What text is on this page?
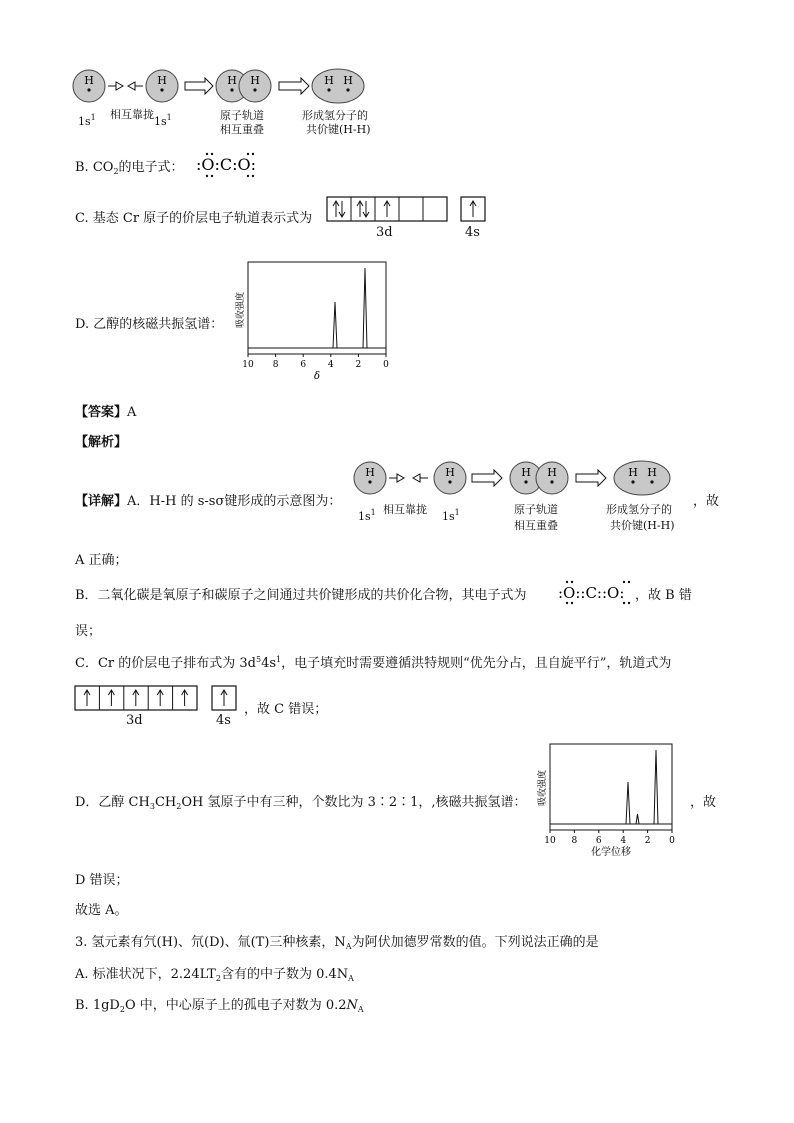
H	H	H H	H H
$1s^1$ 相互靠拢
$1s^1$	原子轨道
相互重叠
形成氢分子的
共价键(H-H)
B. $CO_2$的电子式： :O:C:O:
C. 基态 Cr 原子的价层电子轨道表示式为
3d	4s
D. 乙醇的核磁共振氢谱： 吸收强度
10 8 6 4 2 0
δ
【答案】A
【解析】
【详解】A．H-H 的 s-sσ键形成的示意图为：
H	H	H H	H H
$1s^1$ 相互靠拢
$1s^1$	原子轨道
相互重叠
形成氢分子的
共价键(H-H)
，故
A 正确；
B．二氧化碳是氧原子和碳原子之间通过共价键形成的共价化合物，其电子式为 :O::C::O: ，故 B 错
误；
C．Cr 的价层电子排布式为 $3d^54s^1$，电子填充时需要遵循洪特规则“优先分占，且自旋平行”，轨道式为
，故 C 错误；
3d	4s
D．乙醇 $CH_3CH_2OH$ 氢原子中有三种，个数比为 3∶2∶1，,核磁共振氢谱： 吸收强度
10 8 6 4 2 0
化学位移
，故
D 错误；
故选 A。
3. 氢元素有氕(H)、氘(D)、氚(T)三种核素，$N_A$为阿伏加德罗常数的值。下列说法正确的是
A. 标准状况下，$2.24LT_2$含有的中子数为 $0.4N_A$
B. $1gD_2O$ 中，中心原子上的孤电子对数为 $0.2N_A$
